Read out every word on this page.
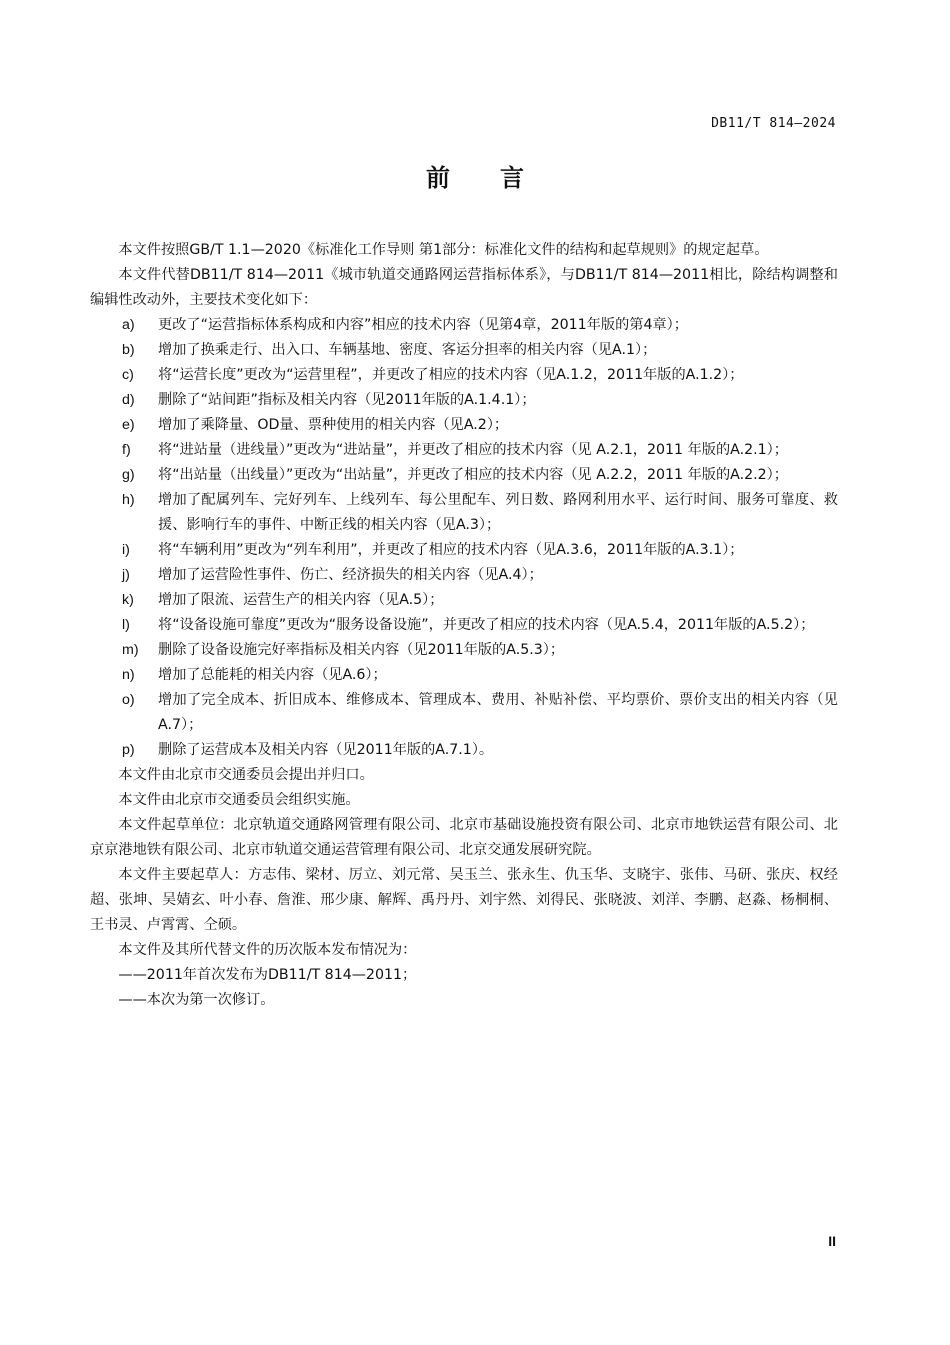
DB11/T 814—2024
前 言

本文件按照GB/T 1.1—2020《标准化工作导则 第1部分：标准化文件的结构和起草规则》的规定起草。

本文件代替DB11/T 814—2011《城市轨道交通路网运营指标体系》，与DB11/T 814—2011相比，除结构调整和编辑性改动外，主要技术变化如下：

a)	更改了“运营指标体系构成和内容”相应的技术内容（见第4章，2011年版的第4章）；
b)	增加了换乘走行、出入口、车辆基地、密度、客运分担率的相关内容（见A.1）；
c)	将“运营长度”更改为“运营里程”，并更改了相应的技术内容（见A.1.2，2011年版的A.1.2）；
d)	删除了“站间距”指标及相关内容（见2011年版的A.1.4.1）；
e)	增加了乘降量、OD量、票种使用的相关内容（见A.2）；
f)	将“进站量（进线量）”更改为“进站量”，并更改了相应的技术内容（见 A.2.1，2011 年版的A.2.1）；
g)	将“出站量（出线量）”更改为“出站量”，并更改了相应的技术内容（见 A.2.2，2011 年版的A.2.2）；
h)	增加了配属列车、完好列车、上线列车、每公里配车、列日数、路网利用水平、运行时间、服务可靠度、救援、影响行车的事件、中断正线的相关内容（见A.3）；
i)	将“车辆利用”更改为“列车利用”，并更改了相应的技术内容（见A.3.6，2011年版的A.3.1）；
j)	增加了运营险性事件、伤亡、经济损失的相关内容（见A.4）；
k)	增加了限流、运营生产的相关内容（见A.5）；
l)	将“设备设施可靠度”更改为“服务设备设施”，并更改了相应的技术内容（见A.5.4，2011年版的A.5.2）；
m)	删除了设备设施完好率指标及相关内容（见2011年版的A.5.3）；
n)	增加了总能耗的相关内容（见A.6）；
o)	增加了完全成本、折旧成本、维修成本、管理成本、费用、补贴补偿、平均票价、票价支出的相关内容（见A.7）；
p)	删除了运营成本及相关内容（见2011年版的A.7.1）。

本文件由北京市交通委员会提出并归口。

本文件由北京市交通委员会组织实施。

本文件起草单位：北京轨道交通路网管理有限公司、北京市基础设施投资有限公司、北京市地铁运营有限公司、北京京港地铁有限公司、北京市轨道交通运营管理有限公司、北京交通发展研究院。

本文件主要起草人：方志伟、梁材、厉立、刘元常、吴玉兰、张永生、仇玉华、支晓宇、张伟、马研、张庆、权经超、张坤、吴婧玄、叶小春、詹淮、邢少康、解辉、禹丹丹、刘宇然、刘得民、张晓波、刘洋、李鹏、赵淼、杨桐桐、王书灵、卢霄霄、仝硕。

本文件及其所代替文件的历次版本发布情况为：

——2011年首次发布为DB11/T 814—2011；

——本次为第一次修订。

II
